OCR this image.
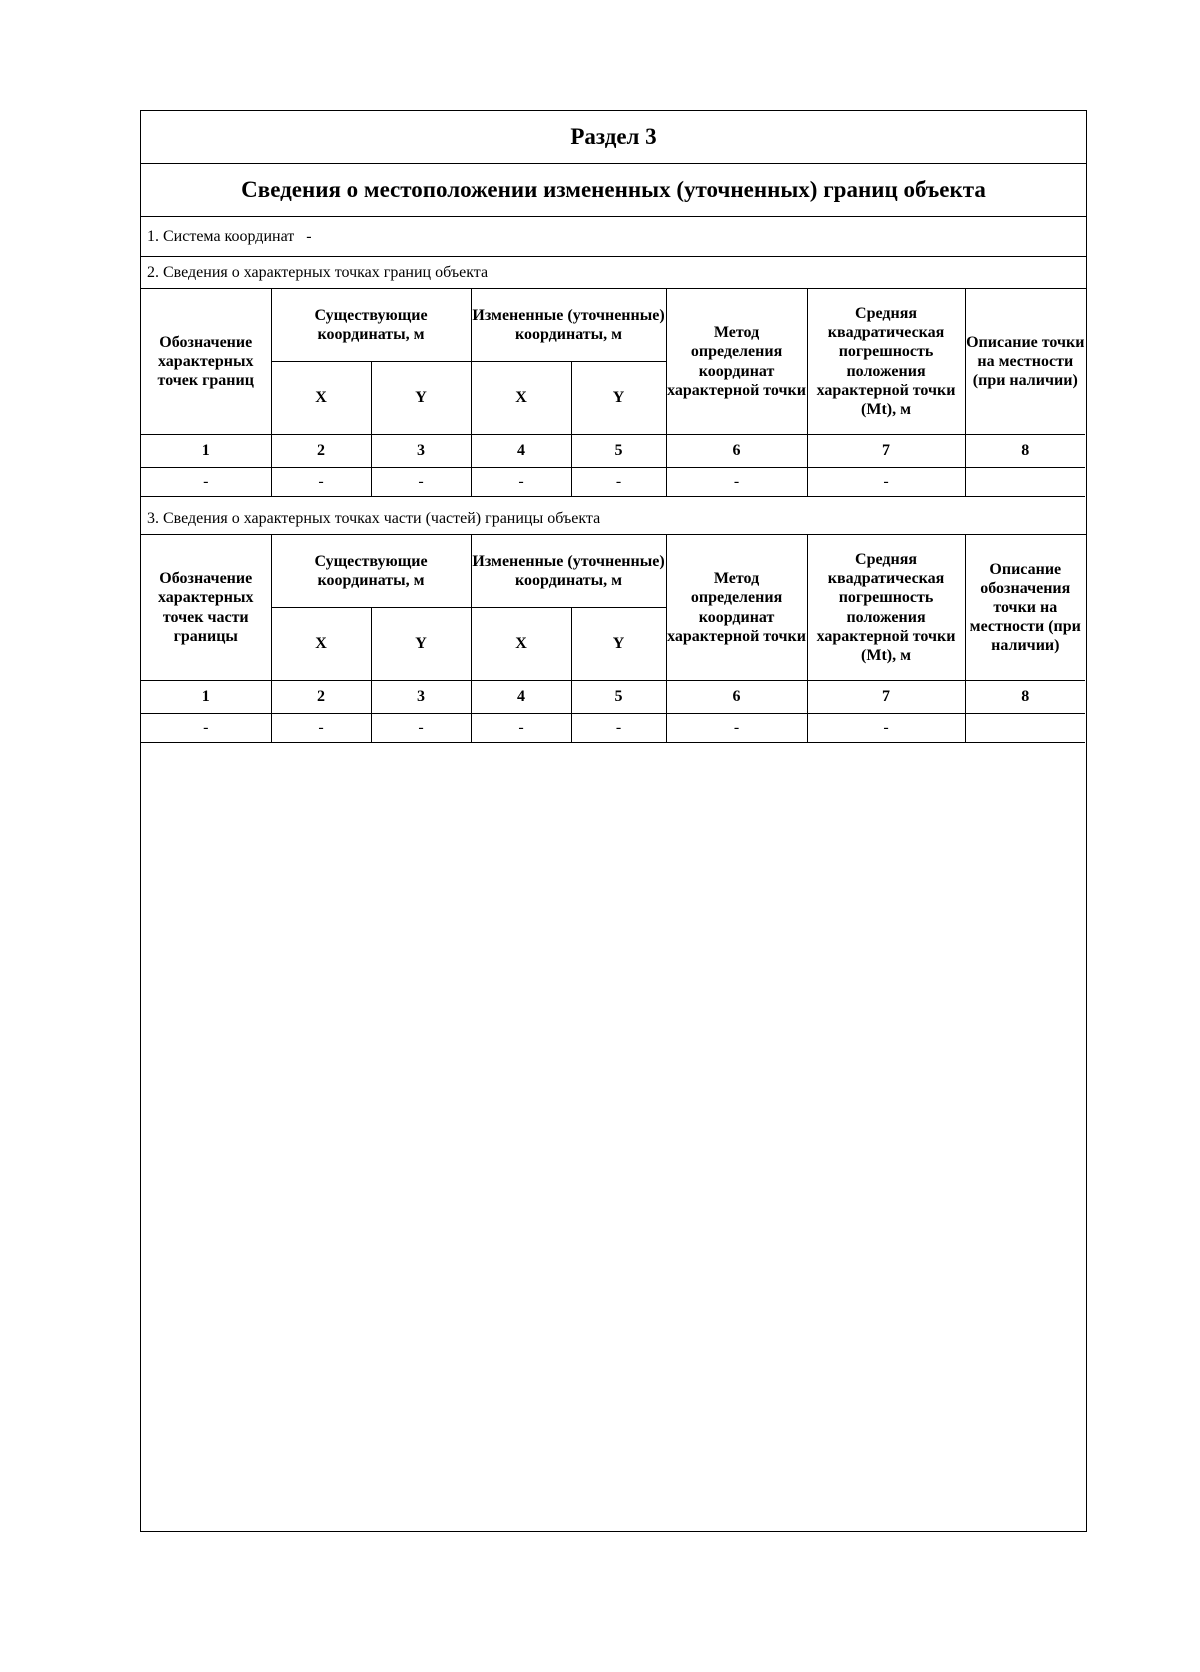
Раздел 3
Сведения о местоположении измененных (уточненных) границ объекта
1. Система координат -
2. Сведения о характерных точках границ объекта
Обозначение характерных точек границ	Существующие координаты, м		Измененные (уточненные) координаты, м		Метод определения координат характерной точки	Средняя квадратическая погрешность положения характерной точки (Mt), м	Описание точки на местности (при наличии)
	X	Y	X	Y			
1	2	3	4	5	6	7	8
-	-	-	-	-	-	-	
3. Сведения о характерных точках части (частей) границы объекта
Обозначение характерных точек части границы	Существующие координаты, м		Измененные (уточненные) координаты, м		Метод определения координат характерной точки	Средняя квадратическая погрешность положения характерной точки (Mt), м	Описание обозначения точки на местности (при наличии)
	X	Y	X	Y			
1	2	3	4	5	6	7	8
-	-	-	-	-	-	-	
